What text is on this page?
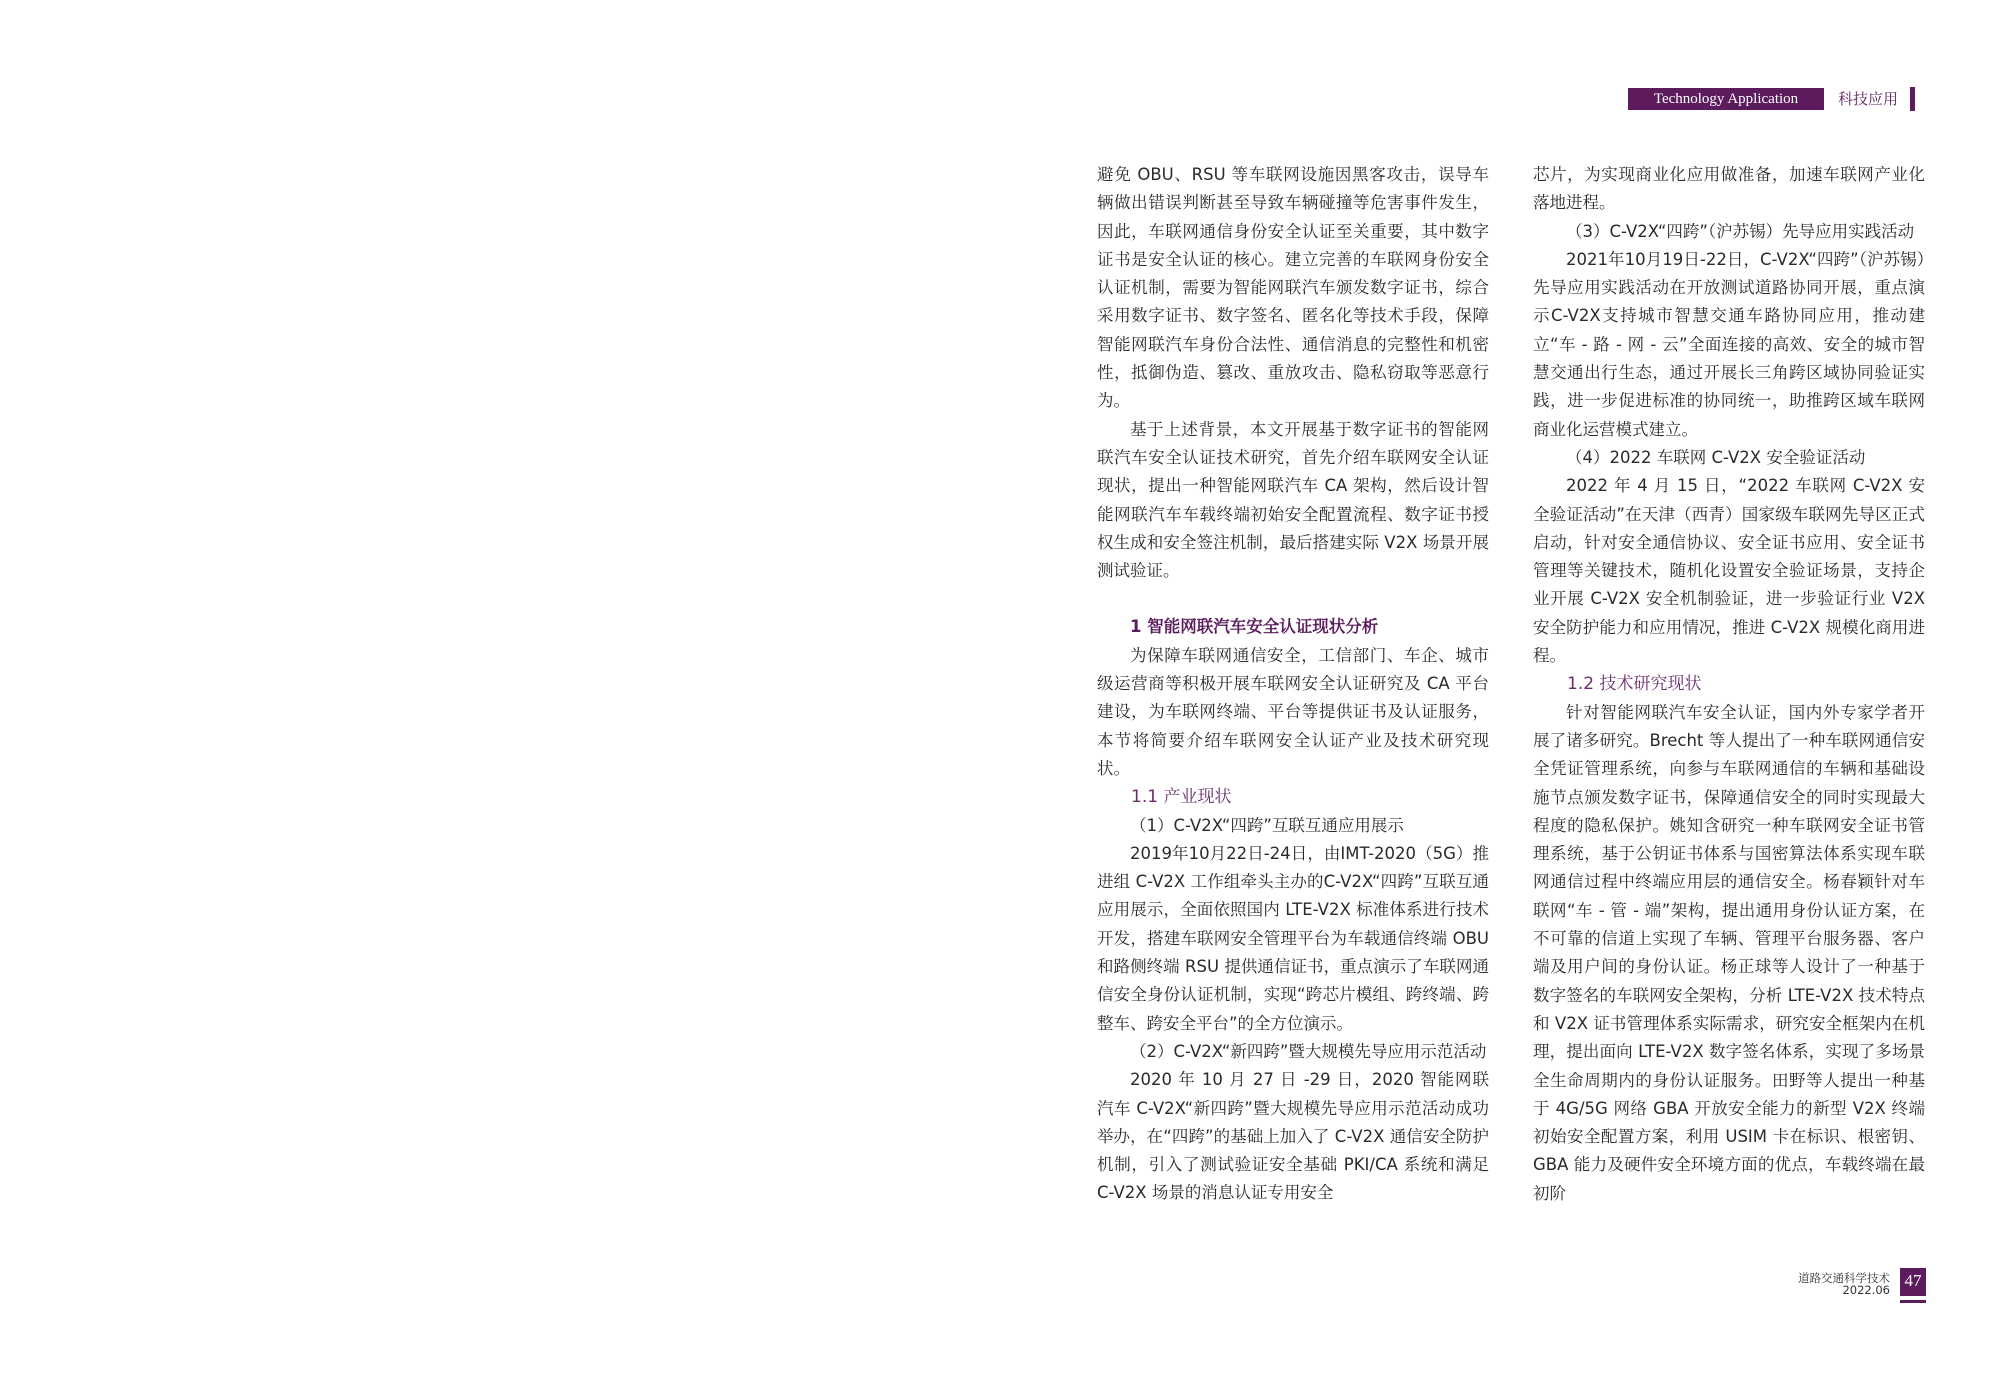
Technology Application	科技应用

避免 OBU、RSU 等车联网设施因黑客攻击，误导车辆做出错误判断甚至导致车辆碰撞等危害事件发生，因此，车联网通信身份安全认证至关重要，其中数字证书是安全认证的核心。建立完善的车联网身份安全认证机制，需要为智能网联汽车颁发数字证书，综合采用数字证书、数字签名、匿名化等技术手段，保障智能网联汽车身份合法性、通信消息的完整性和机密性，抵御伪造、篡改、重放攻击、隐私窃取等恶意行为。

基于上述背景，本文开展基于数字证书的智能网联汽车安全认证技术研究，首先介绍车联网安全认证现状，提出一种智能网联汽车 CA 架构，然后设计智能网联汽车车载终端初始安全配置流程、数字证书授权生成和安全签注机制，最后搭建实际 V2X 场景开展测试验证。

1 智能网联汽车安全认证现状分析

为保障车联网通信安全，工信部门、车企、城市级运营商等积极开展车联网安全认证研究及 CA 平台建设，为车联网终端、平台等提供证书及认证服务，本节将简要介绍车联网安全认证产业及技术研究现状。

1.1 产业现状

（1）C-V2X“四跨”互联互通应用展示

2019年10月22日-24日，由IMT-2020（5G）推进组 C-V2X 工作组牵头主办的C-V2X“四跨”互联互通应用展示，全面依照国内 LTE-V2X 标准体系进行技术开发，搭建车联网安全管理平台为车载通信终端 OBU 和路侧终端 RSU 提供通信证书，重点演示了车联网通信安全身份认证机制，实现“跨芯片模组、跨终端、跨整车、跨安全平台”的全方位演示。

（2）C-V2X“新四跨”暨大规模先导应用示范活动

2020 年 10 月 27 日 -29 日，2020 智能网联汽车 C-V2X“新四跨”暨大规模先导应用示范活动成功举办，在“四跨”的基础上加入了 C-V2X 通信安全防护机制，引入了测试验证安全基础 PKI/CA 系统和满足 C-V2X 场景的消息认证专用安全

芯片，为实现商业化应用做准备，加速车联网产业化落地进程。

（3）C-V2X“四跨”（沪苏锡）先导应用实践活动

2021年10月19日-22日，C-V2X“四跨”（沪苏锡）先导应用实践活动在开放测试道路协同开展，重点演示C-V2X支持城市智慧交通车路协同应用，推动建立“车 - 路 - 网 - 云”全面连接的高效、安全的城市智慧交通出行生态，通过开展长三角跨区域协同验证实践，进一步促进标准的协同统一，助推跨区域车联网商业化运营模式建立。

（4）2022 车联网 C-V2X 安全验证活动

2022 年 4 月 15 日，“2022 车联网 C-V2X 安全验证活动”在天津（西青）国家级车联网先导区正式启动，针对安全通信协议、安全证书应用、安全证书管理等关键技术，随机化设置安全验证场景，支持企业开展 C-V2X 安全机制验证，进一步验证行业 V2X 安全防护能力和应用情况，推进 C-V2X 规模化商用进程。

1.2 技术研究现状

针对智能网联汽车安全认证，国内外专家学者开展了诸多研究。Brecht 等人提出了一种车联网通信安全凭证管理系统，向参与车联网通信的车辆和基础设施节点颁发数字证书，保障通信安全的同时实现最大程度的隐私保护。姚知含研究一种车联网安全证书管理系统，基于公钥证书体系与国密算法体系实现车联网通信过程中终端应用层的通信安全。杨春颖针对车联网“车 - 管 - 端”架构，提出通用身份认证方案，在不可靠的信道上实现了车辆、管理平台服务器、客户端及用户间的身份认证。杨正球等人设计了一种基于数字签名的车联网安全架构，分析 LTE-V2X 技术特点和 V2X 证书管理体系实际需求，研究安全框架内在机理，提出面向 LTE-V2X 数字签名体系，实现了多场景全生命周期内的身份认证服务。田野等人提出一种基于 4G/5G 网络 GBA 开放安全能力的新型 V2X 终端初始安全配置方案，利用 USIM 卡在标识、根密钥、GBA 能力及硬件安全环境方面的优点，车载终端在最初阶

道路交通科学技术
2022.06 47
